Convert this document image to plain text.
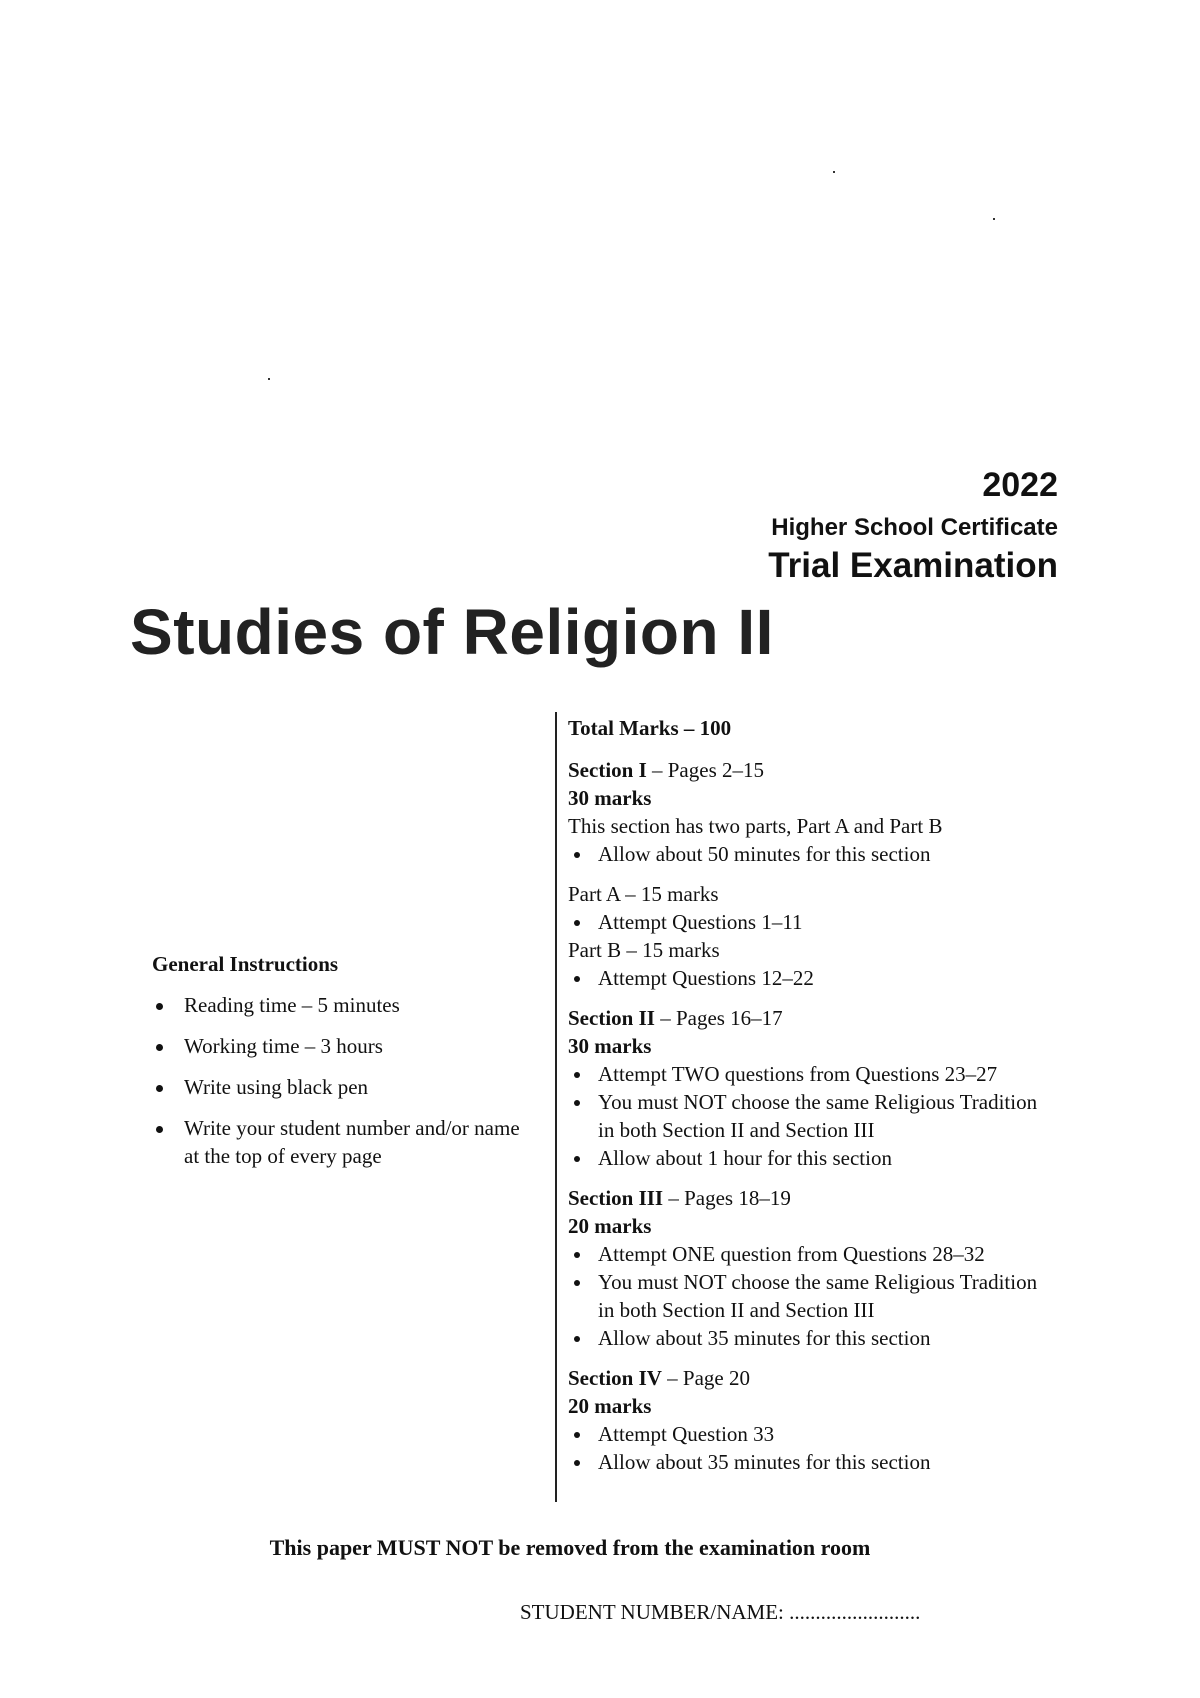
2022
Higher School Certificate
Trial Examination
Studies of Religion II
General Instructions
Reading time – 5 minutes
Working time – 3 hours
Write using black pen
Write your student number and/or name at the top of every page
Total Marks – 100
Section I – Pages 2–15
30 marks
This section has two parts, Part A and Part B
Allow about 50 minutes for this section
Part A – 15 marks
Attempt Questions 1–11
Part B – 15 marks
Attempt Questions 12–22
Section II – Pages 16–17
30 marks
Attempt TWO questions from Questions 23–27
You must NOT choose the same Religious Tradition in both Section II and Section III
Allow about 1 hour for this section
Section III – Pages 18–19
20 marks
Attempt ONE question from Questions 28–32
You must NOT choose the same Religious Tradition in both Section II and Section III
Allow about 35 minutes for this section
Section IV – Page 20
20 marks
Attempt Question 33
Allow about 35 minutes for this section
This paper MUST NOT be removed from the examination room
STUDENT NUMBER/NAME: .........................
